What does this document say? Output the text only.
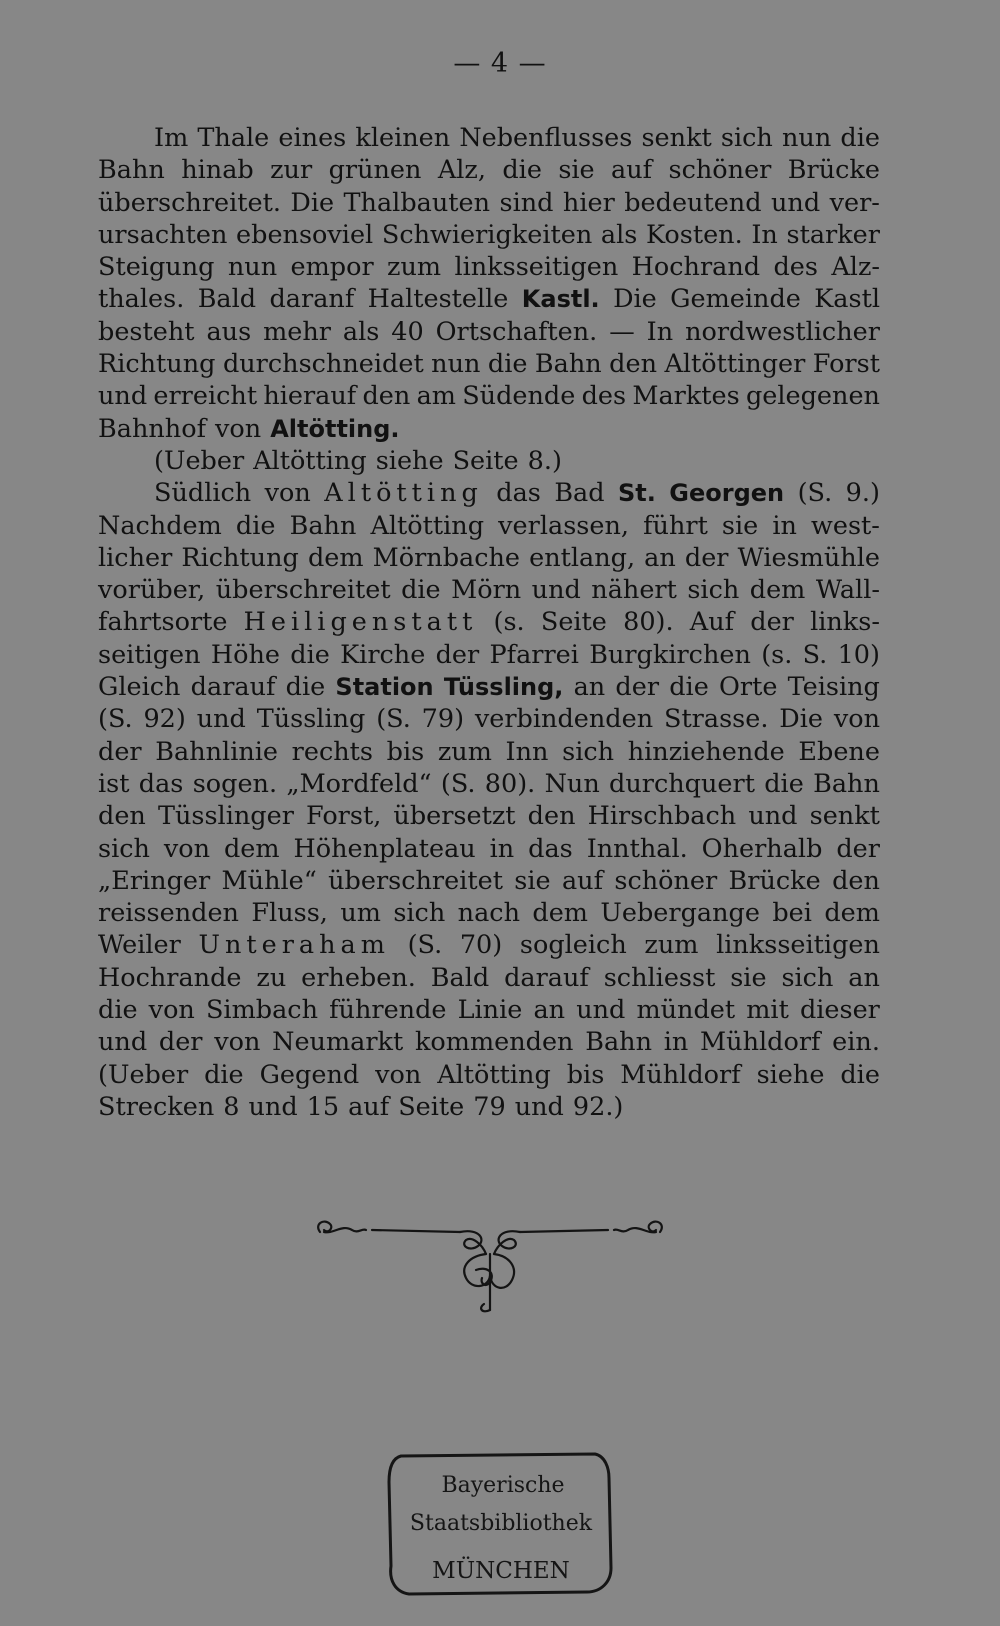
— 4 —
Im Thale eines kleinen Nebenflusses senkt sich nun die
Bahn hinab zur grünen Alz, die sie auf schöner Brücke
überschreitet. Die Thalbauten sind hier bedeutend und ver-
ursachten ebensoviel Schwierigkeiten als Kosten. In starker
Steigung nun empor zum linksseitigen Hochrand des Alz-
thales. Bald daranf Haltestelle Kastl. Die Gemeinde Kastl
besteht aus mehr als 40 Ortschaften. — In nordwestlicher
Richtung durchschneidet nun die Bahn den Altöttinger Forst
und erreicht hierauf den am Südende des Marktes gelegenen
Bahnhof von Altötting.
(Ueber Altötting siehe Seite 8.)
Südlich von Altötting das Bad St. Georgen (S. 9.)
Nachdem die Bahn Altötting verlassen, führt sie in west-
licher Richtung dem Mörnbache entlang, an der Wiesmühle
vorüber, überschreitet die Mörn und nähert sich dem Wall-
fahrtsorte Heiligenstatt (s. Seite 80). Auf der links-
seitigen Höhe die Kirche der Pfarrei Burgkirchen (s. S. 10)
Gleich darauf die Station Tüssling, an der die Orte Teising
(S. 92) und Tüssling (S. 79) verbindenden Strasse. Die von
der Bahnlinie rechts bis zum Inn sich hinziehende Ebene
ist das sogen. „Mordfeld“ (S. 80). Nun durchquert die Bahn
den Tüsslinger Forst, übersetzt den Hirschbach und senkt
sich von dem Höhenplateau in das Innthal. Oherhalb der
„Eringer Mühle“ überschreitet sie auf schöner Brücke den
reissenden Fluss, um sich nach dem Uebergange bei dem
Weiler Unteraham (S. 70) sogleich zum linksseitigen
Hochrande zu erheben. Bald darauf schliesst sie sich an
die von Simbach führende Linie an und mündet mit dieser
und der von Neumarkt kommenden Bahn in Mühldorf ein.
(Ueber die Gegend von Altötting bis Mühldorf siehe die
Strecken 8 und 15 auf Seite 79 und 92.)
Bayerische
Staatsbibliothek
MÜNCHEN
